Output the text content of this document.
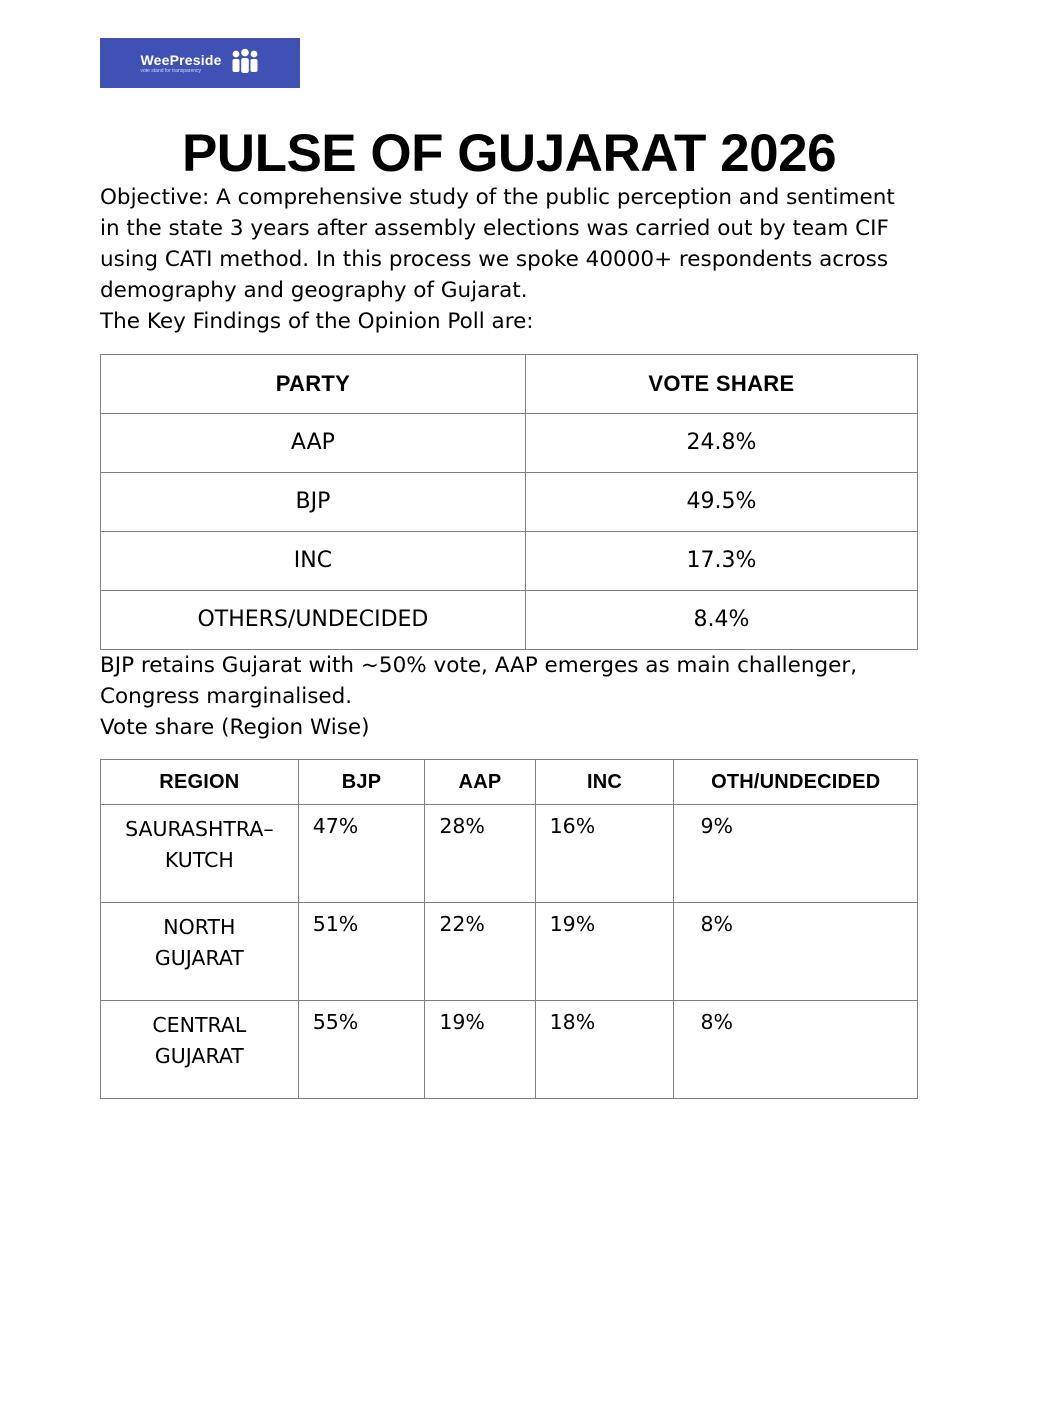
WeePreside
vote stand for transparency
PULSE OF GUJARAT 2026

Objective: A comprehensive study of the public perception and sentiment in the state 3 years after assembly elections was carried out by team CIF using CATI method. In this process we spoke 40000+ respondents across demography and geography of Gujarat.

The Key Findings of the Opinion Poll are:

PARTY	VOTE SHARE
AAP	24.8%
BJP	49.5%
INC	17.3%
OTHERS/UNDECIDED	8.4%

BJP retains Gujarat with ~50% vote, AAP emerges as main challenger, Congress marginalised.

Vote share (Region Wise)

REGION	BJP	AAP	INC	OTH/UNDECIDED

SAURASHTRA–
KUTCH	47%	28%	16%	9%

NORTH
GUJARAT	51%	22%	19%	8%

CENTRAL
GUJARAT	55%	19%	18%	8%
